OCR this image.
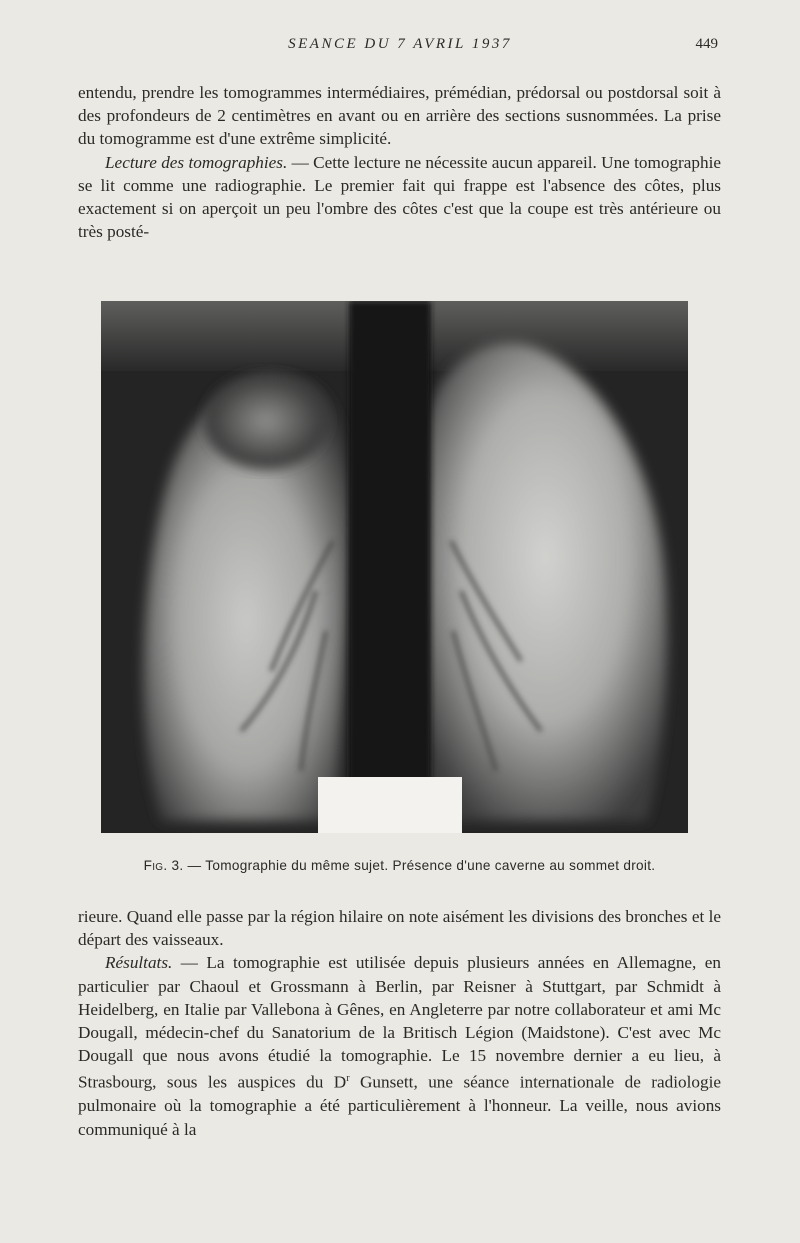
SEANCE DU 7 AVRIL 1937	449

entendu, prendre les tomogrammes intermédiaires, prémédian, prédorsal ou postdorsal soit à des profondeurs de 2 centimètres en avant ou en arrière des sections susnommées. La prise du tomogramme est d'une extrême simplicité.

Lecture des tomographies. — Cette lecture ne nécessite aucun appareil. Une tomographie se lit comme une radiographie. Le premier fait qui frappe est l'absence des côtes, plus exactement si on aperçoit un peu l'ombre des côtes c'est que la coupe est très antérieure ou très posté-

Fig. 3. — Tomographie du même sujet. Présence d'une caverne au sommet droit.

rieure. Quand elle passe par la région hilaire on note aisément les divisions des bronches et le départ des vaisseaux.

Résultats. — La tomographie est utilisée depuis plusieurs années en Allemagne, en particulier par Chaoul et Grossmann à Berlin, par Reisner à Stuttgart, par Schmidt à Heidelberg, en Italie par Vallebona à Gênes, en Angleterre par notre collaborateur et ami Mc Dougall, médecin-chef du Sanatorium de la Britisch Légion (Maidstone). C'est avec Mc Dougall que nous avons étudié la tomographie. Le 15 novembre dernier a eu lieu, à Strasbourg, sous les auspices du $D^r$ Gunsett, une séance internationale de radiologie pulmonaire où la tomographie a été particulièrement à l'honneur. La veille, nous avions communiqué à la
